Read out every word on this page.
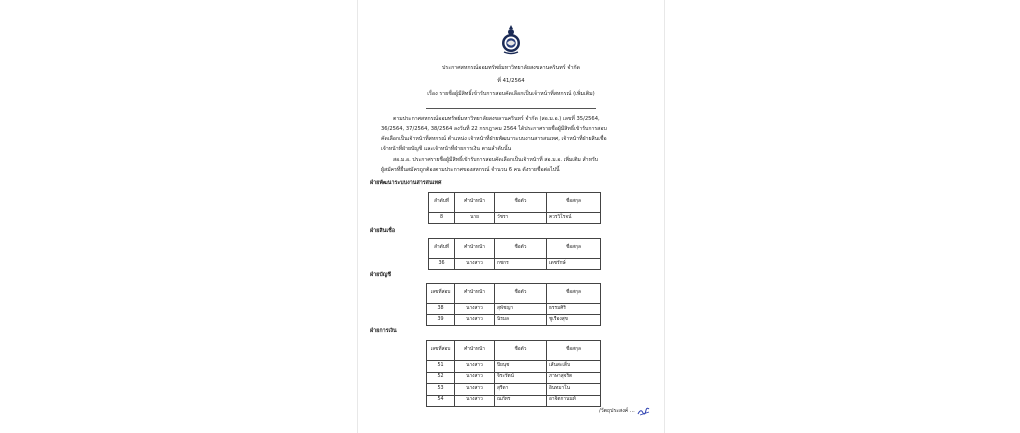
ประกาศสหกรณ์ออมทรัพย์มหาวิทยาลัยสงขลานครินทร์ จำกัด
ที่ 41/2564
เรื่อง รายชื่อผู้มีสิทธิ์เข้ารับการสอบคัดเลือกเป็นเจ้าหน้าที่สหกรณ์ (เพิ่มเติม)
ตามประกาศสหกรณ์ออมทรัพย์มหาวิทยาลัยสงขลานครินทร์ จำกัด (สอ.ม.อ.) เลขที่ 35/2564,
36/2564, 37/2564, 38/2564 ลงวันที่ 22 กรกฎาคม 2564 ได้ประกาศรายชื่อผู้มีสิทธิ์เข้ารับการสอบ
คัดเลือกเป็นเจ้าหน้าที่สหกรณ์ ตำแหน่ง เจ้าหน้าที่ฝ่ายพัฒนาระบบงานสารสนเทศ, เจ้าหน้าที่ฝ่ายสินเชื่อ
เจ้าหน้าที่ฝ่ายบัญชี และเจ้าหน้าที่ฝ่ายการเงิน ตามลำดับนั้น
สอ.ม.อ. ประกาศรายชื่อผู้มีสิทธิ์เข้ารับการสอบคัดเลือกเป็นเจ้าหน้าที่ สอ.ม.อ. เพิ่มเติม สำหรับ
ผู้สมัครที่ยื่นสมัครถูกต้องตามประกาศของสหกรณ์ จำนวน 6 คน ดังรายชื่อต่อไปนี้
ฝ่ายพัฒนาระบบงานสารสนเทศ
ลำดับที่	คำนำหน้า	ชื่อตัว	ชื่อสกุล
8	นาย	วัชรา	ควรวิโรจน์
ฝ่ายสินเชื่อ
ลำดับที่	คำนำหน้า	ชื่อตัว	ชื่อสกุล
36	นางสาว	กชกร	เดชรักษ์
ฝ่ายบัญชี
เลขที่สอบ	คำนำหน้า	ชื่อตัว	ชื่อสกุล
38	นางสาว	สุพัชญา	ธรรมศิริ
39	นางสาว	นิรมล	ชูเรืองสุข
ฝ่ายการเงิน
เลขที่สอบ	คำนำหน้า	ชื่อตัว	ชื่อสกุล
51	นางสาว	ปิยนุช	เส้นสะเต็บ
52	นางสาว	จิระรัตน์	ภาษาสุจริต
53	นางสาว	สุรีดา	อินทมาโน
54	นางสาว	ณภัทร	อาจิตกานนท์
/วัตถุประสงค์ ...
